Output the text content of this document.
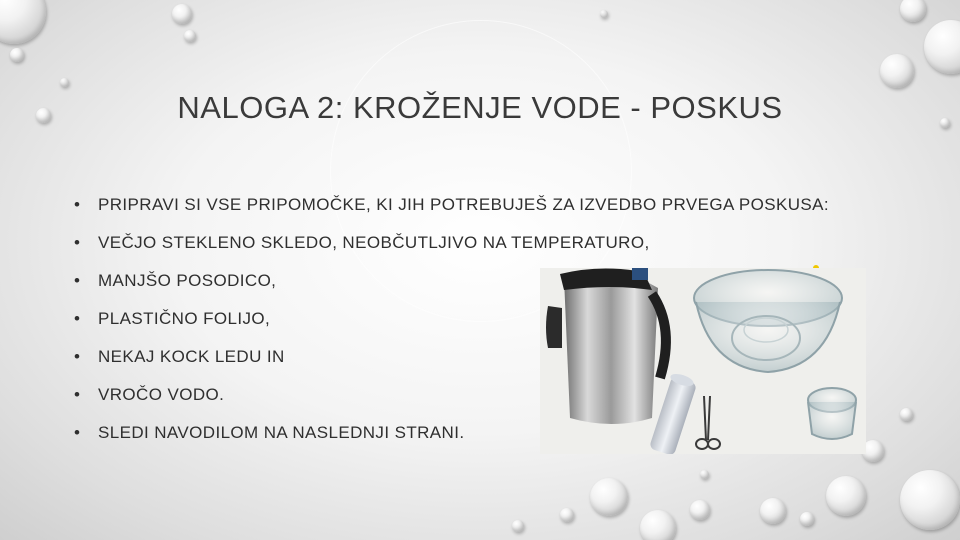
NALOGA 2: KROŽENJE VODE - POSKUS
• PRIPRAVI SI VSE PRIPOMOČKE, KI JIH POTREBUJEŠ ZA IZVEDBO PRVEGA POSKUSA:
• VEČJO STEKLENO SKLEDO, NEOBČUTLJIVO NA TEMPERATURO,
• MANJŠO POSODICO,
• PLASTIČNO FOLIJO,
• NEKAJ KOCK LEDU IN
• VROČO VODO.
• SLEDI NAVODILOM NA NASLEDNJI STRANI.
